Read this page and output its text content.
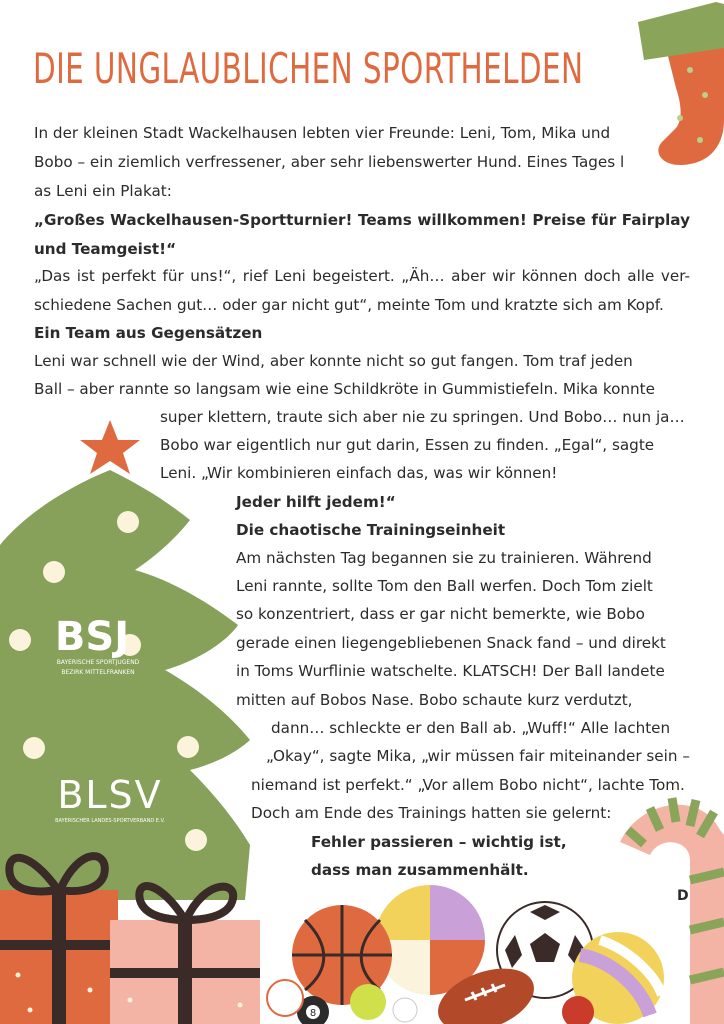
8
BSJ
BAYERISCHE SPORTJUGEND
BEZIRK MITTELFRANKEN
BLSV
BAYERISCHER LANDES-SPORTVERBAND E.V.
DIE UNGLAUBLICHEN SPORTHELDEN
In der kleinen Stadt Wackelhausen lebten vier Freunde: Leni, Tom, Mika und
Bobo – ein ziemlich verfressener, aber sehr liebenswerter Hund. Eines Tages l
as Leni ein Plakat:
„Großes Wackelhausen-Sportturnier! Teams willkommen! Preise für Fairplay
und Teamgeist!“
„Das ist perfekt für uns!“, rief Leni begeistert. „Äh… aber wir können doch alle ver-
schiedene Sachen gut… oder gar nicht gut“, meinte Tom und kratzte sich am Kopf.
Ein Team aus Gegensätzen
Leni war schnell wie der Wind, aber konnte nicht so gut fangen. Tom traf jeden
Ball – aber rannte so langsam wie eine Schildkröte in Gummistiefeln. Mika konnte
super klettern, traute sich aber nie zu springen. Und Bobo… nun ja…
Bobo war eigentlich nur gut darin, Essen zu finden. „Egal“, sagte
Leni. „Wir kombinieren einfach das, was wir können!
Jeder hilft jedem!“
Die chaotische Trainingseinheit
Am nächsten Tag begannen sie zu trainieren. Während
Leni rannte, sollte Tom den Ball werfen. Doch Tom zielt
so konzentriert, dass er gar nicht bemerkte, wie Bobo
gerade einen liegengebliebenen Snack fand – und direkt
in Toms Wurflinie watschelte. KLATSCH! Der Ball landete
mitten auf Bobos Nase. Bobo schaute kurz verdutzt,
dann… schleckte er den Ball ab. „Wuff!“ Alle lachten
„Okay“, sagte Mika, „wir müssen fair miteinander sein –
niemand ist perfekt.“ „Vor allem Bobo nicht“, lachte Tom.
Doch am Ende des Trainings hatten sie gelernt:
Fehler passieren – wichtig ist,
dass man zusammenhält.
D
